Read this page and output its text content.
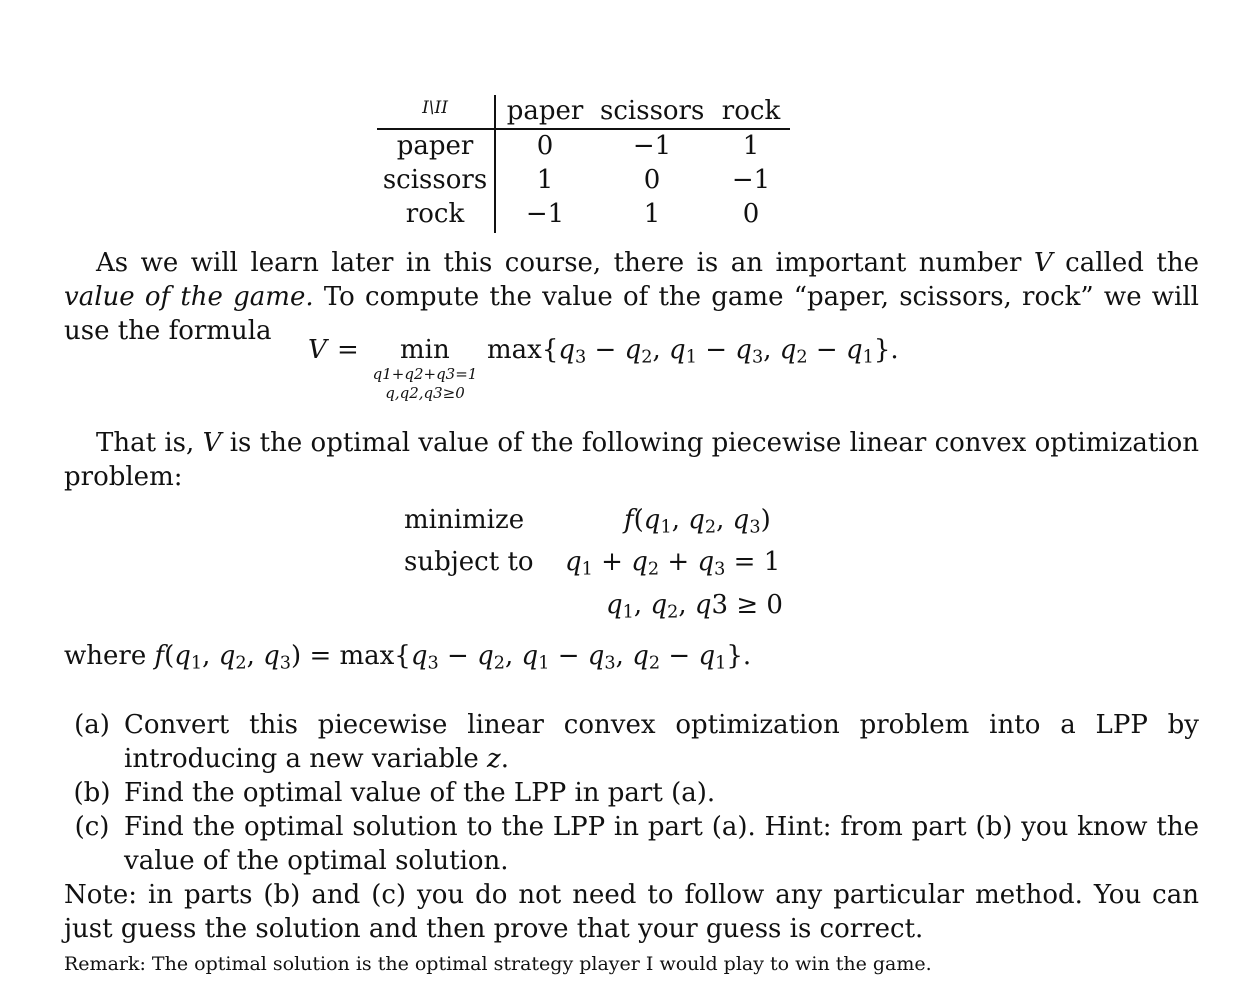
I\II	paper scissors rock
paper	0	−1	1
scissors	1	0	−1
rock	−1	1	0
As we will learn later in this course, there is an important number V called the value of the game. To compute the value of the game “paper, scissors, rock” we will use the formula
V = min
q1+q2+q3=1
q,q2,q3≥0
$\max\{q_3 - q_2$, $q_1 - q_3$, $q_2 - q_1$}.
That is, V is the optimal value of the following piecewise linear convex optimization problem:
minimize	$f(q_1$, $q_2$, $q_3$)
subject to $q_1 + q_2 + q_3 = 1$
$q_1$, $q_2$, q3 ≥ 0
where $f(q_1$, $q_2$, $q_3) = \max\{q_3 - q_2$, $q_1 - q_3$, $q_2 - q_1$}.
(a) Convert this piecewise linear convex optimization problem into a LPP by introducing a new variable z.
(b) Find the optimal value of the LPP in part (a).
(c) Find the optimal solution to the LPP in part (a). Hint: from part (b) you know the value of the optimal solution.
Note: in parts (b) and (c) you do not need to follow any particular method. You can just guess the solution and then prove that your guess is correct.
Remark: The optimal solution is the optimal strategy player I would play to win the game.
